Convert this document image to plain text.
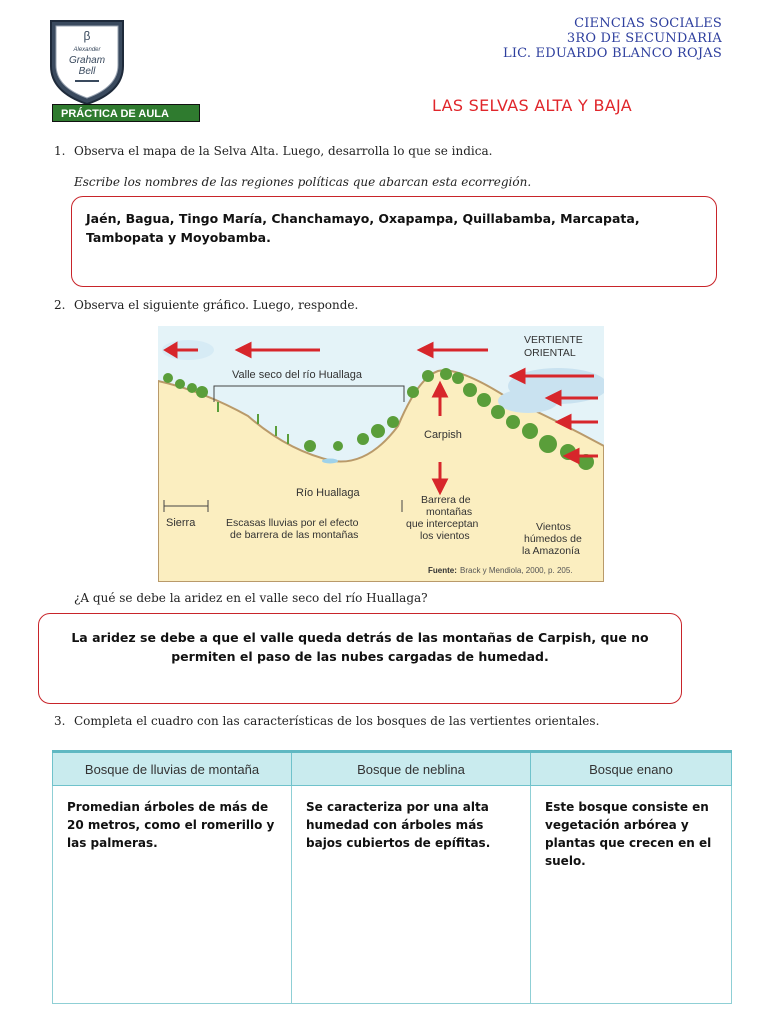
β
Alexander
Graham
Bell
CIENCIAS SOCIALES
3RO DE SECUNDARIA
LIC. EDUARDO BLANCO ROJAS
PRÁCTICA DE AULA	LAS SELVAS ALTA Y BAJA
1. Observa el mapa de la Selva Alta. Luego, desarrolla lo que se indica.
Escribe los nombres de las regiones políticas que abarcan esta ecorregión.
Jaén, Bagua, Tingo María, Chanchamayo, Oxapampa, Quillabamba, Marcapata, Tambopata y Moyobamba.
2. Observa el siguiente gráfico. Luego, responde.
VERTIENTE
ORIENTAL
Valle seco del río Huallaga
Carpish
Río Huallaga
Barrera de
montañas
que interceptan
los vientos
Sierra	Escasas lluvias por el efecto
de barrera de las montañas
Vientos
húmedos de
la Amazonía
Fuente: Brack y Mendiola, 2000, p. 205.
¿A qué se debe la aridez en el valle seco del río Huallaga?
La aridez se debe a que el valle queda detrás de las montañas de Carpish, que no permiten el paso de las nubes cargadas de humedad.
3. Completa el cuadro con las características de los bosques de las vertientes orientales.
Bosque de lluvias de montaña	Bosque de neblina	Bosque enano

Promedian árboles de más de 20 metros, como el romerillo y las palmeras.	Se caracteriza por una alta humedad con árboles más bajos cubiertos de epífitas.	Este bosque consiste en vegetación arbórea y plantas que crecen en el suelo.
